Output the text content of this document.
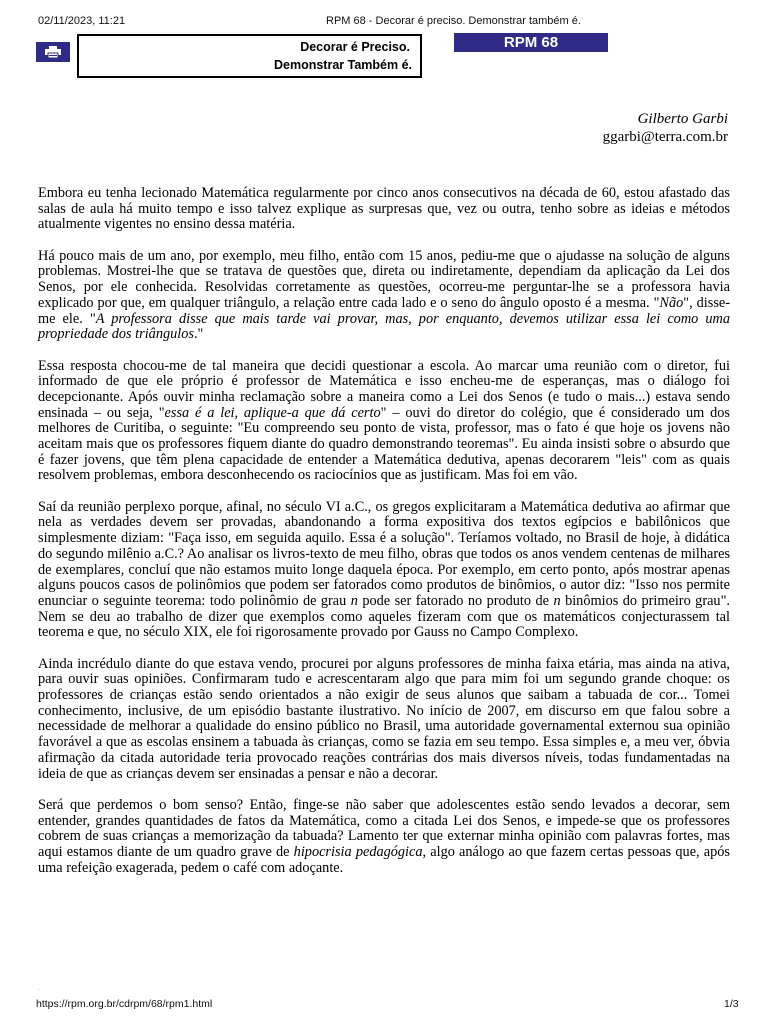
02/11/2023, 11:21	RPM 68 - Decorar é preciso. Demonstrar também é.
Decorar é Preciso.
Demonstrar Também é.
RPM 68
Gilberto Garbi
ggarbi@terra.com.br

Embora eu tenha lecionado Matemática regularmente por cinco anos consecutivos na década de 60, estou afastado das salas de aula há muito tempo e isso talvez explique as surpresas que, vez ou outra, tenho sobre as ideias e métodos atualmente vigentes no ensino dessa matéria.

Há pouco mais de um ano, por exemplo, meu filho, então com 15 anos, pediu-me que o ajudasse na solução de alguns problemas. Mostrei-lhe que se tratava de questões que, direta ou indiretamente, dependiam da aplicação da Lei dos Senos, por ele conhecida. Resolvidas corretamente as questões, ocorreu-me perguntar-lhe se a professora havia explicado por que, em qualquer triângulo, a relação entre cada lado e o seno do ângulo oposto é a mesma. "Não", disse-me ele. "A professora disse que mais tarde vai provar, mas, por enquanto, devemos utilizar essa lei como uma propriedade dos triângulos."

Essa resposta chocou-me de tal maneira que decidi questionar a escola. Ao marcar uma reunião com o diretor, fui informado de que ele próprio é professor de Matemática e isso encheu-me de esperanças, mas o diálogo foi decepcionante. Após ouvir minha reclamação sobre a maneira como a Lei dos Senos (e tudo o mais...) estava sendo ensinada – ou seja, "essa é a lei, aplique-a que dá certo" – ouvi do diretor do colégio, que é considerado um dos melhores de Curitiba, o seguinte: "Eu compreendo seu ponto de vista, professor, mas o fato é que hoje os jovens não aceitam mais que os professores fiquem diante do quadro demonstrando teoremas". Eu ainda insisti sobre o absurdo que é fazer jovens, que têm plena capacidade de entender a Matemática dedutiva, apenas decorarem "leis" com as quais resolvem problemas, embora desconhecendo os raciocínios que as justificam. Mas foi em vão.

Saí da reunião perplexo porque, afinal, no século VI a.C., os gregos explicitaram a Matemática dedutiva ao afirmar que nela as verdades devem ser provadas, abandonando a forma expositiva dos textos egípcios e babilônicos que simplesmente diziam: "Faça isso, em seguida aquilo. Essa é a solução". Teríamos voltado, no Brasil de hoje, à didática do segundo milênio a.C.? Ao analisar os livros-texto de meu filho, obras que todos os anos vendem centenas de milhares de exemplares, concluí que não estamos muito longe daquela época. Por exemplo, em certo ponto, após mostrar apenas alguns poucos casos de polinômios que podem ser fatorados como produtos de binômios, o autor diz: "Isso nos permite enunciar o seguinte teorema: todo polinômio de grau n pode ser fatorado no produto de n binômios do primeiro grau". Nem se deu ao trabalho de dizer que exemplos como aqueles fizeram com que os matemáticos conjecturassem tal teorema e que, no século XIX, ele foi rigorosamente provado por Gauss no Campo Complexo.

Ainda incrédulo diante do que estava vendo, procurei por alguns professores de minha faixa etária, mas ainda na ativa, para ouvir suas opiniões. Confirmaram tudo e acrescentaram algo que para mim foi um segundo grande choque: os professores de crianças estão sendo orientados a não exigir de seus alunos que saibam a tabuada de cor... Tomei conhecimento, inclusive, de um episódio bastante ilustrativo. No início de 2007, em discurso em que falou sobre a necessidade de melhorar a qualidade do ensino público no Brasil, uma autoridade governamental externou sua opinião favorável a que as escolas ensinem a tabuada às crianças, como se fazia em seu tempo. Essa simples e, a meu ver, óbvia afirmação da citada autoridade teria provocado reações contrárias dos mais diversos níveis, todas fundamentadas na ideia de que as crianças devem ser ensinadas a pensar e não a decorar.

Será que perdemos o bom senso? Então, finge-se não saber que adolescentes estão sendo levados a decorar, sem entender, grandes quantidades de fatos da Matemática, como a citada Lei dos Senos, e impede-se que os professores cobrem de suas crianças a memorização da tabuada? Lamento ter que externar minha opinião com palavras fortes, mas aqui estamos diante de um quadro grave de hipocrisia pedagógica, algo análogo ao que fazem certas pessoas que, após uma refeição exagerada, pedem o café com adoçante.

.
https://rpm.org.br/cdrpm/68/rpm1.html	1/3
